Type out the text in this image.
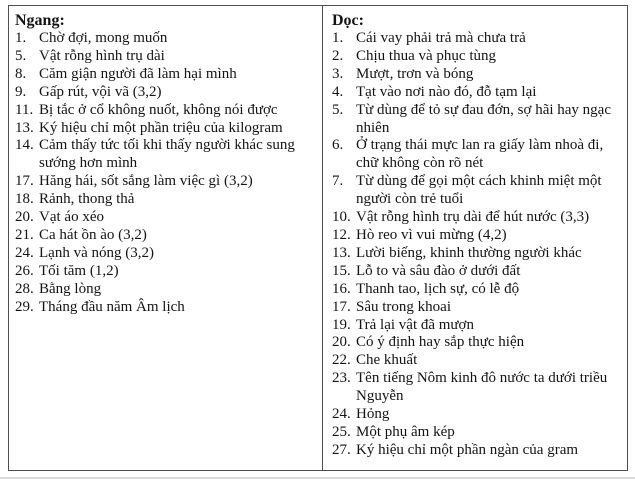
Ngang:
1. Chờ đợi, mong muốn
5. Vật rỗng hình trụ dài
8. Căm giận người đã làm hại mình
9. Gấp rút, vội vã (3,2)
11. Bị tắc ở cổ không nuốt, không nói được
13. Ký hiệu chỉ một phần triệu của kilogram
14. Cảm thấy tức tối khi thấy người khác sung sướng hơn mình
17. Hăng hái, sốt sắng làm việc gì (3,2)
18. Rảnh, thong thả
20. Vạt áo xéo
21. Ca hát ồn ào (3,2)
24. Lạnh và nóng (3,2)
26. Tối tăm (1,2)
28. Bằng lòng
29. Tháng đầu năm Âm lịch
Dọc:
1. Cái vay phải trả mà chưa trả
2. Chịu thua và phục tùng
3. Mượt, trơn và bóng
4. Tạt vào nơi nào đó, đỗ tạm lại
5. Từ dùng để tỏ sự đau đớn, sợ hãi hay ngạc nhiên
6. Ở trạng thái mực lan ra giấy làm nhoà đi, chữ không còn rõ nét
7. Từ dùng để gọi một cách khinh miệt một người còn trẻ tuổi
10. Vật rỗng hình trụ dài để hút nước (3,3)
12. Hò reo vì vui mừng (4,2)
13. Lười biếng, khinh thường người khác
15. Lỗ to và sâu đào ở dưới đất
16. Thanh tao, lịch sự, có lễ độ
17. Sâu trong khoai
19. Trả lại vật đã mượn
20. Có ý định hay sắp thực hiện
22. Che khuất
23. Tên tiếng Nôm kinh đô nước ta dưới triều Nguyễn
24. Hỏng
25. Một phụ âm kép
27. Ký hiệu chỉ một phần ngàn của gram
